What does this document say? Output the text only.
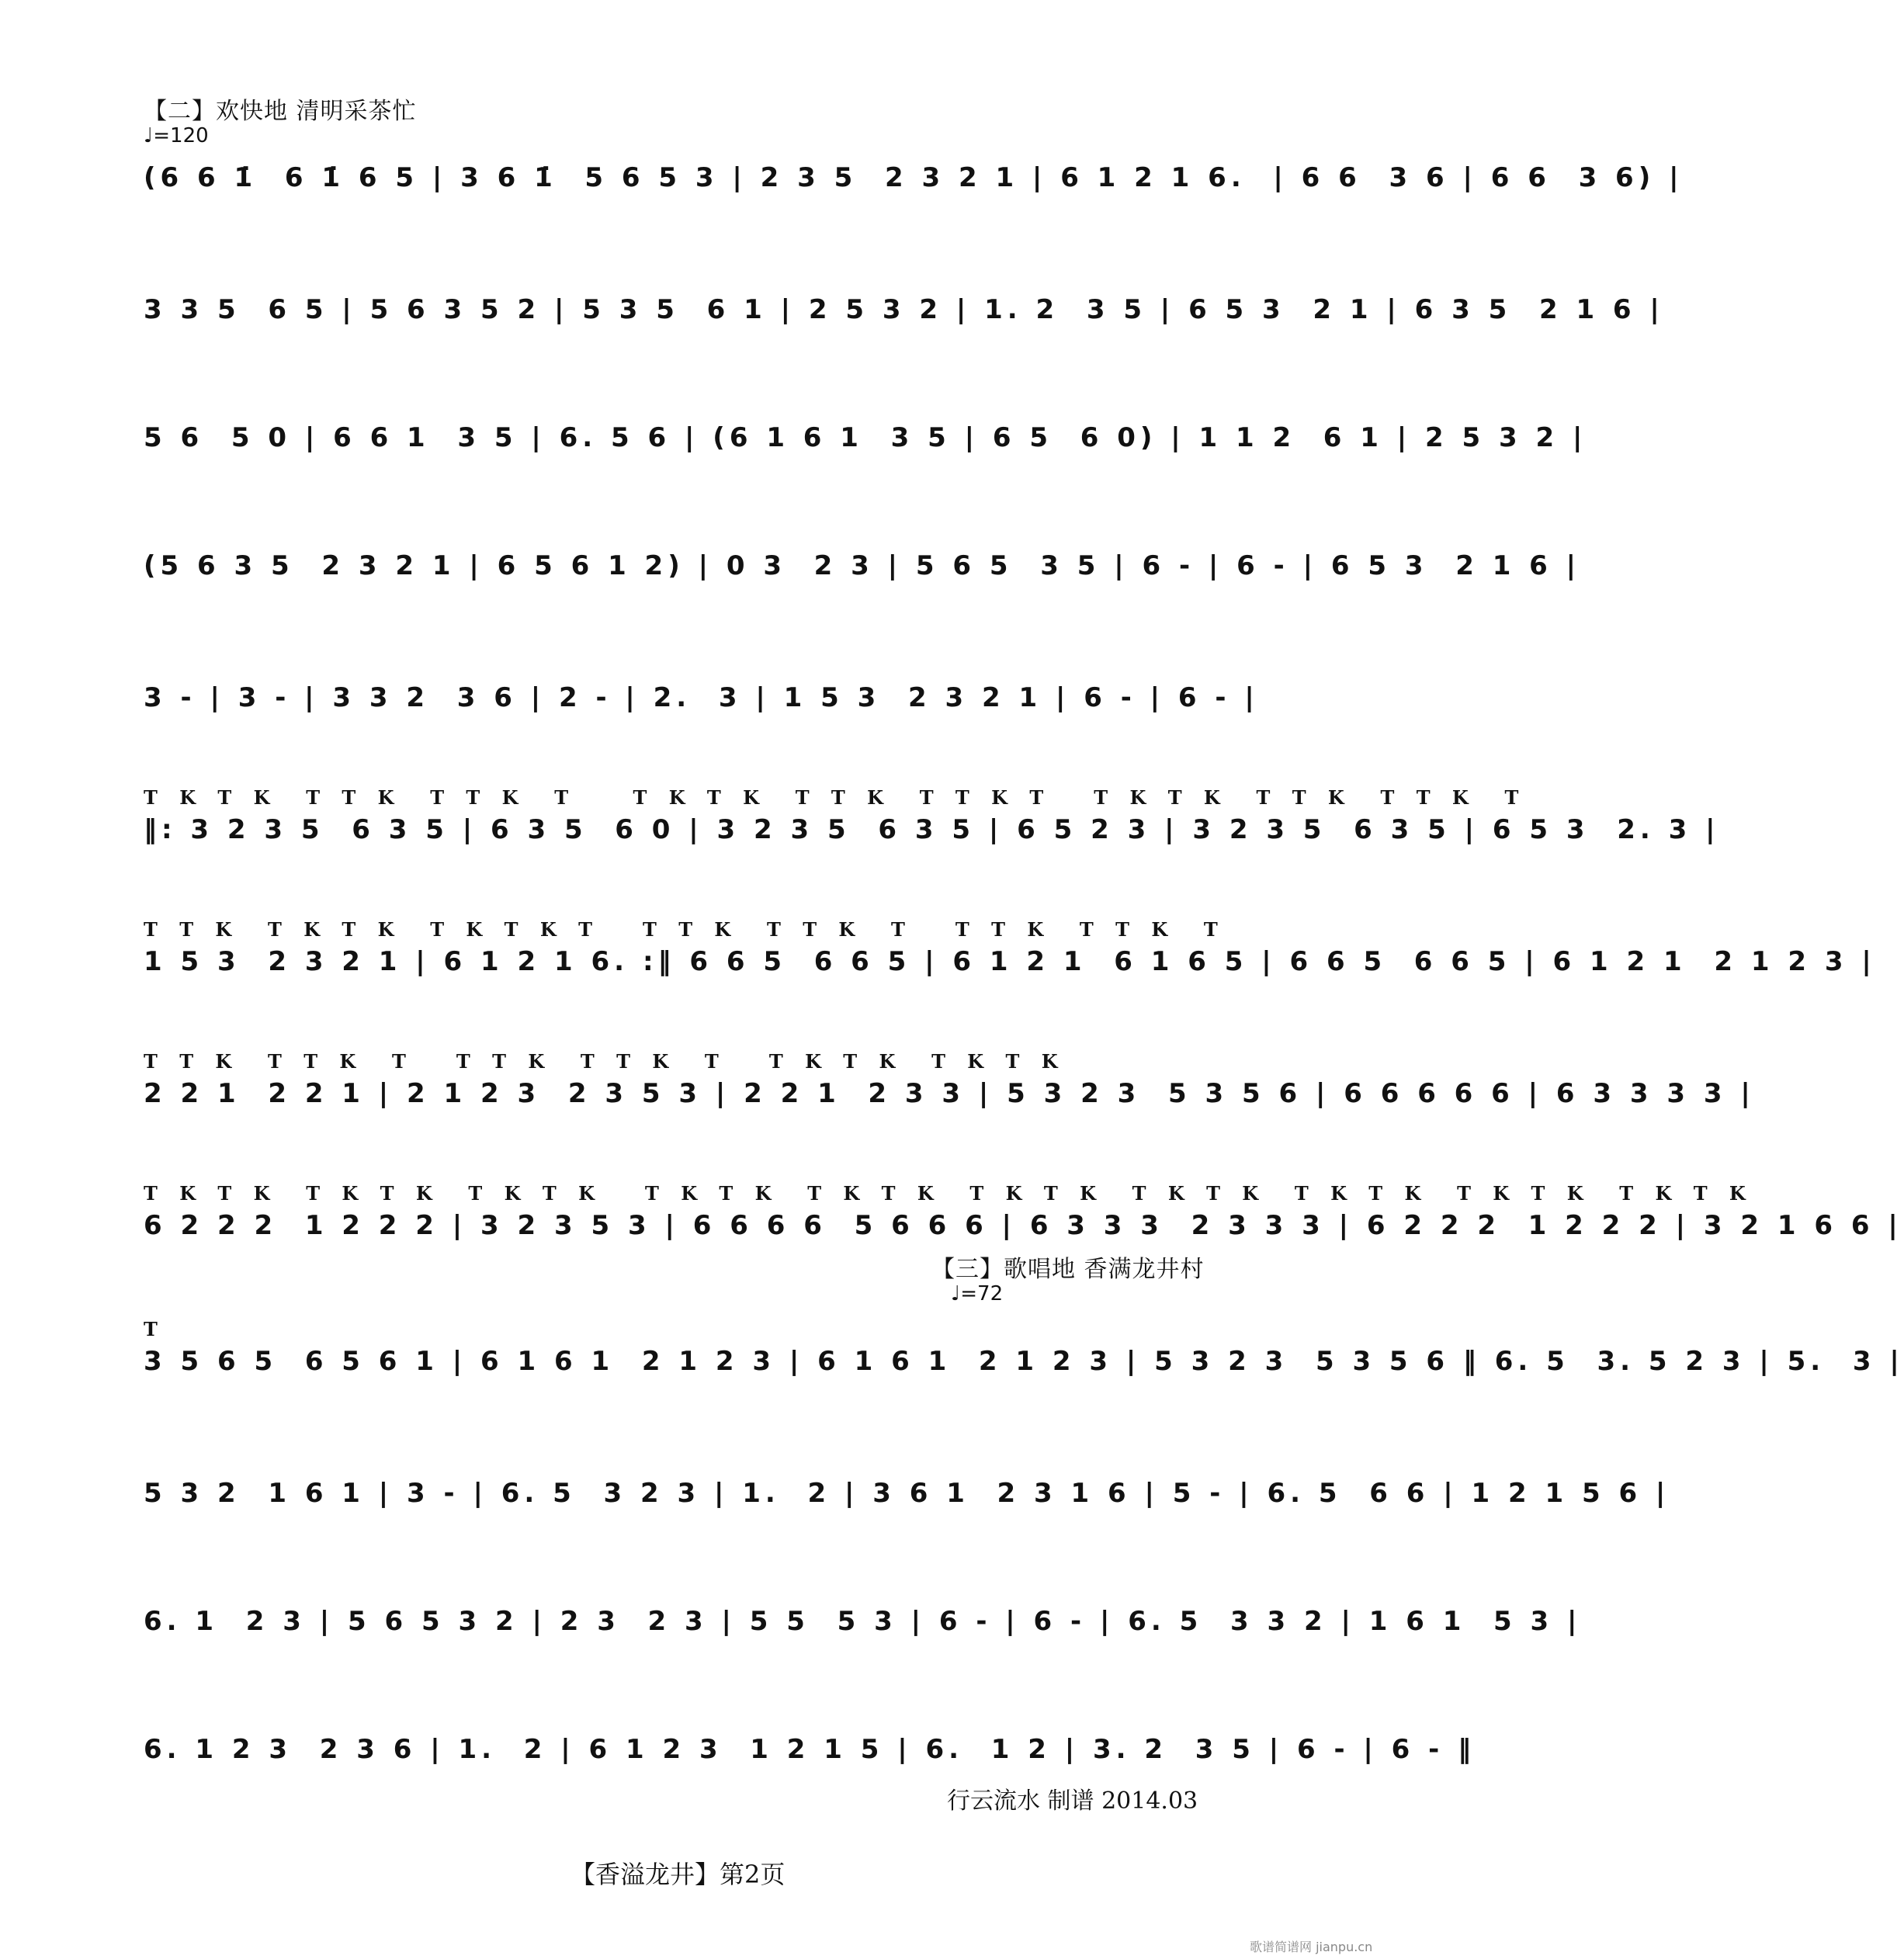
【二】欢快地 清明采茶忙
♩=120
(6 6 1̇  6 1̇ 6 5 | 3 6 1̇  5 6 5 3 | 2 3 5  2 3 2 1 | 6 1 2 1 6.  | 6 6  3 6 | 6 6  3 6) |
3 3 5  6 5 | 5 6 3 5 2 | 5 3 5  6 1 | 2 5 3 2 | 1. 2  3 5 | 6 5 3  2 1 | 6 3 5  2 1 6 |
5 6  5 0 | 6 6 1  3 5 | 6. 5 6 | (6 1 6 1  3 5 | 6 5  6 0) | 1 1 2  6 1 | 2 5 3 2 |
(5 6 3 5  2 3 2 1 | 6 5 6 1 2) | 0 3  2 3 | 5 6 5  3 5 | 6 - | 6 - | 6 5 3  2 1 6 |
3 - | 3 - | 3 3 2  3 6 | 2 - | 2.  3 | 1 5 3  2 3 2 1 | 6 - | 6 - |
T K T K  T T K  T T K  T    T K T K  T T K  T T K T   T K T K  T T K  T T K  T
‖: 3 2 3 5  6 3 5 | 6 3 5  6 0 | 3 2 3 5  6 3 5 | 6 5 2 3 | 3 2 3 5  6 3 5 | 6 5 3  2. 3 |
T T K  T K T K  T K T K T   T T K  T T K  T   T T K  T T K  T
1 5 3  2 3 2 1 | 6 1 2 1 6. :‖ 6 6 5  6 6 5 | 6 1 2 1  6 1 6 5 | 6 6 5  6 6 5 | 6 1 2 1  2 1 2 3 |
T T K  T T K  T   T T K  T T K  T   T K T K  T K T K
2 2 1  2 2 1 | 2 1 2 3  2 3 5 3 | 2 2 1  2 3 3 | 5 3 2 3  5 3 5 6 | 6 6 6 6 6 | 6 3 3 3 3 |
T K T K  T K T K  T K T K   T K T K  T K T K  T K T K  T K T K  T K T K  T K T K  T K T K
6 2 2 2  1 2 2 2 | 3 2 3 5 3 | 6 6 6 6  5 6 6 6 | 6 3 3 3  2 3 3 3 | 6 2 2 2  1 2 2 2 | 3 2 1 6 6 |
【三】歌唱地 香满龙井村
♩=72
T
3 5 6 5  6 5 6 1 | 6 1 6 1  2 1 2 3 | 6 1 6 1  2 1 2 3 | 5 3 2 3  5 3 5 6 ‖ 6. 5  3. 5 2 3 | 5.  3 |
5 3 2  1 6 1 | 3 - | 6. 5  3 2 3 | 1.  2 | 3 6 1  2 3 1 6 | 5 - | 6. 5  6 6 | 1 2 1 5 6 |
6. 1  2 3 | 5 6 5 3 2 | 2 3  2 3 | 5 5  5 3 | 6 - | 6 - | 6. 5  3 3 2 | 1 6 1  5 3 |
6. 1 2 3  2 3 6 | 1.  2 | 6 1 2 3  1 2 1 5 | 6.  1 2 | 3. 2  3 5 | 6 - | 6 - ‖
行云流水 制谱 2014.03
【香溢龙井】第2页
歌谱简谱网 jianpu.cn
